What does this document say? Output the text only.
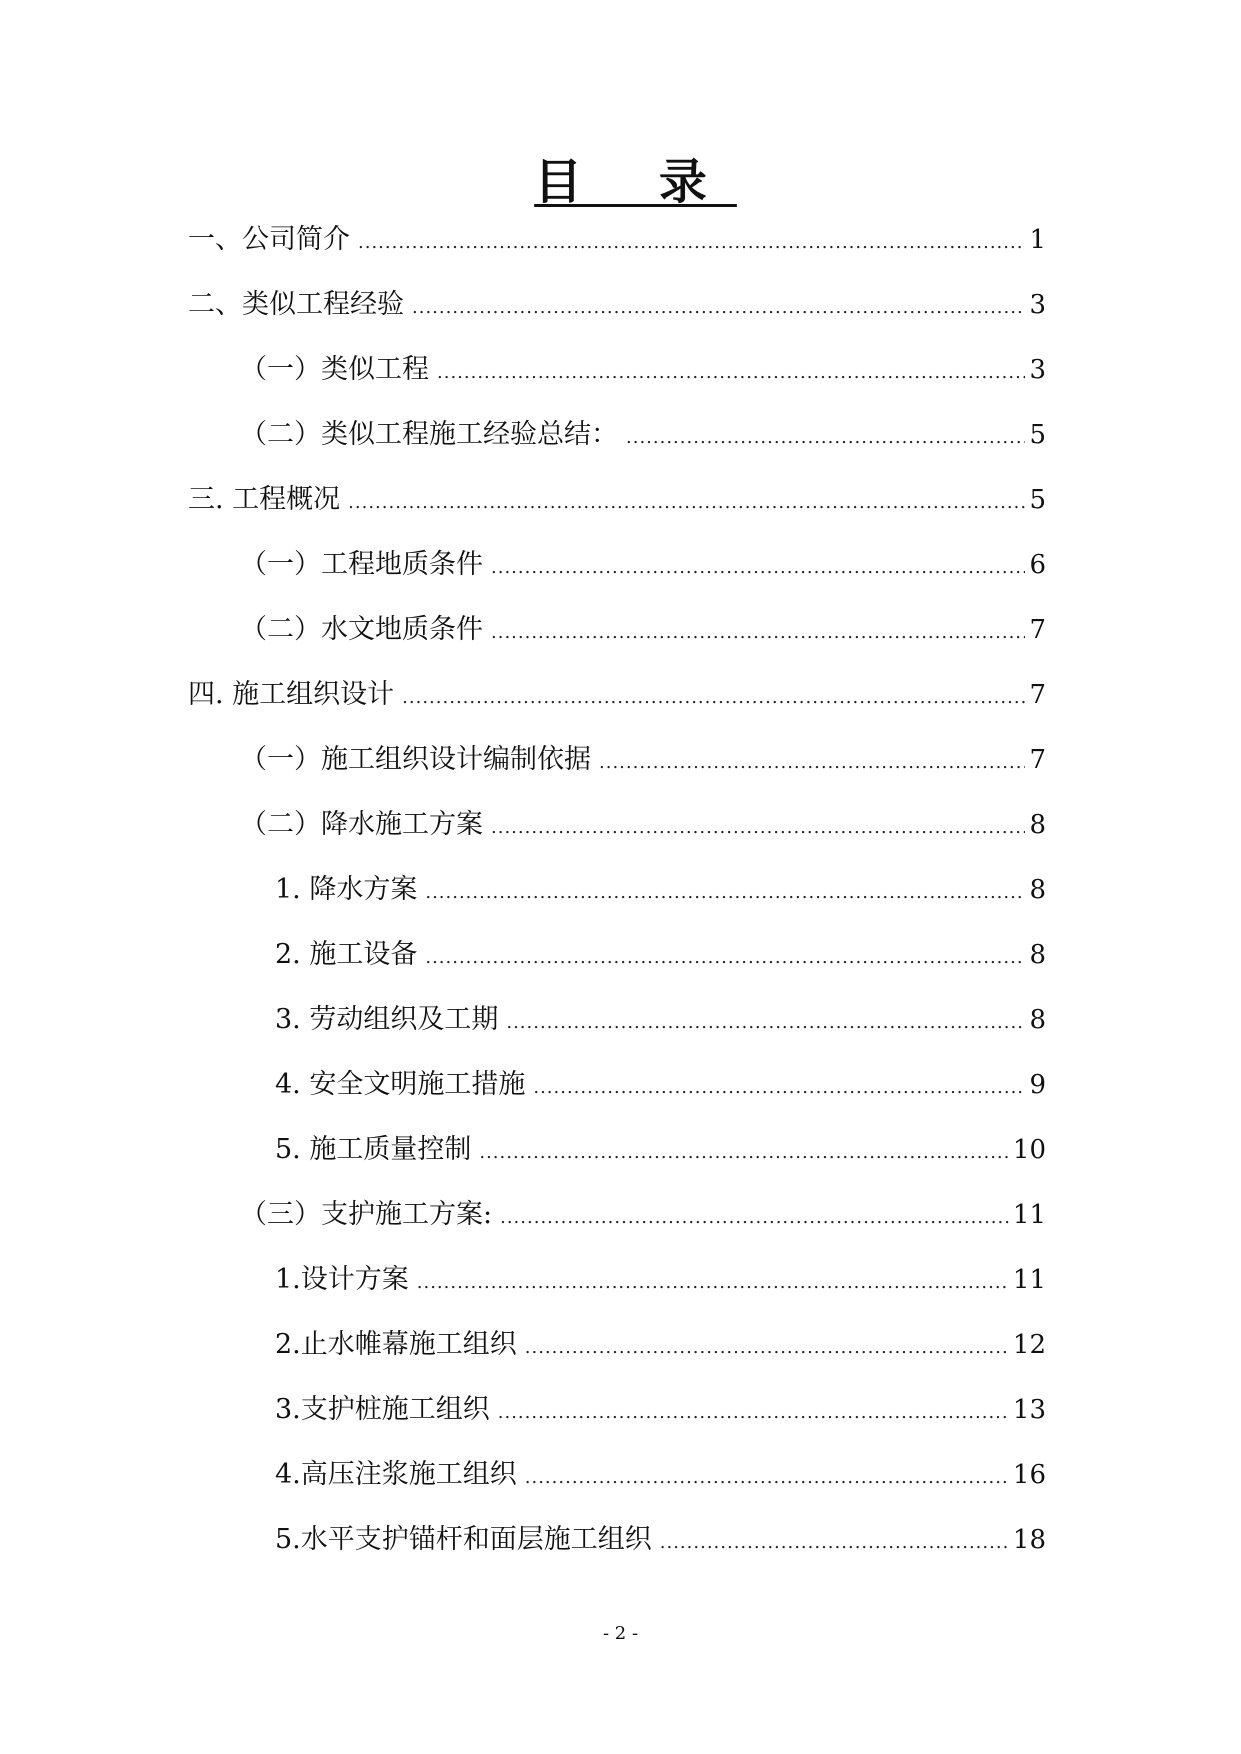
目 录
一、公司简介 .....	1
二、类似工程经验 .....	3
（一）类似工程 .....	3
（二）类似工程施工经验总结： .....	5
三. 工程概况 .....	5
（一）工程地质条件 .....	6
（二）水文地质条件 .....	7
四. 施工组织设计 .....	7
（一）施工组织设计编制依据 .....	7
（二）降水施工方案 .....	8
1. 降水方案 .....	8
2. 施工设备 .....	8
3. 劳动组织及工期 .....	8
4. 安全文明施工措施 .....	9
5. 施工质量控制 .....	10
（三）支护施工方案: .....	11
1.设计方案 .....	11
2.止水帷幕施工组织 .....	12
3.支护桩施工组织 .....	13
4.高压注浆施工组织 .....	16
5.水平支护锚杆和面层施工组织 .....	18
- 2 -
